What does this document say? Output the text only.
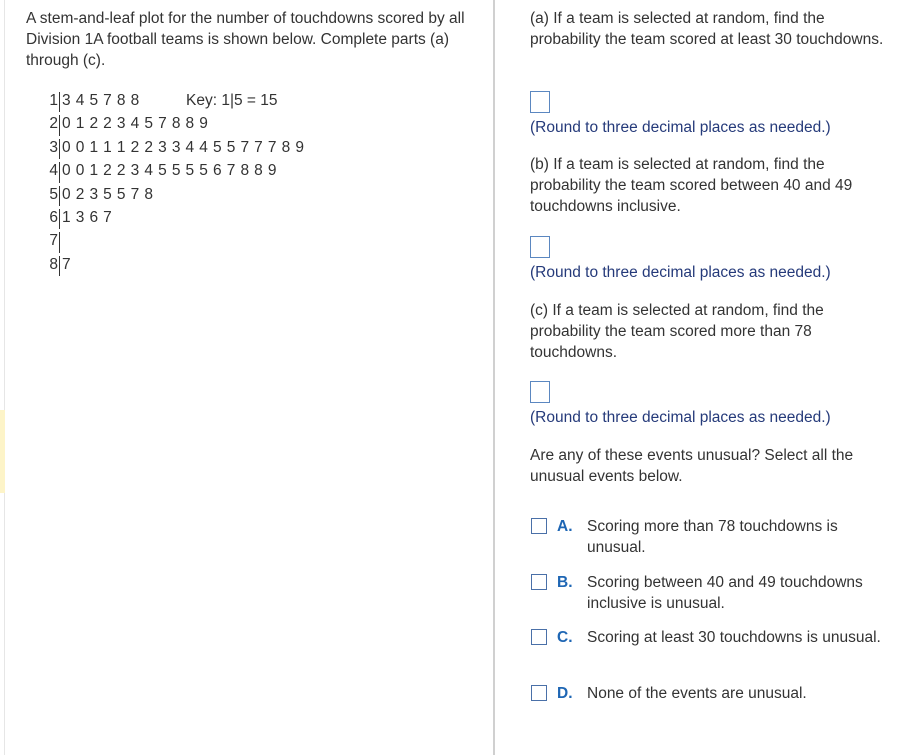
A stem-and-leaf plot for the number of touchdowns scored by all Division 1A football teams is shown below. Complete parts (a) through (c).

Key: 1|5 = 15
1 3 4 5 7 8 8
2 0 1 2 2 3 4 5 7 8 8 9
3 0 0 1 1 1 2 2 3 3 4 4 5 5 7 7 7 8 9
4 0 0 1 2 2 3 4 5 5 5 5 6 7 8 8 9
5 0 2 3 5 5 7 8
6 1 3 6 7
7
8 7

(a) If a team is selected at random, find the probability the team scored at least 30 touchdowns.

(Round to three decimal places as needed.)
(b) If a team is selected at random, find the probability the team scored between 40 and 49 touchdowns inclusive.
(Round to three decimal places as needed.)
(c) If a team is selected at random, find the probability the team scored more than 78 touchdowns.
(Round to three decimal places as needed.)
Are any of these events unusual? Select all the unusual events below.
A. Scoring more than 78 touchdowns is unusual.
B. Scoring between 40 and 49 touchdowns inclusive is unusual.
C. Scoring at least 30 touchdowns is unusual.
D. None of the events are unusual.
